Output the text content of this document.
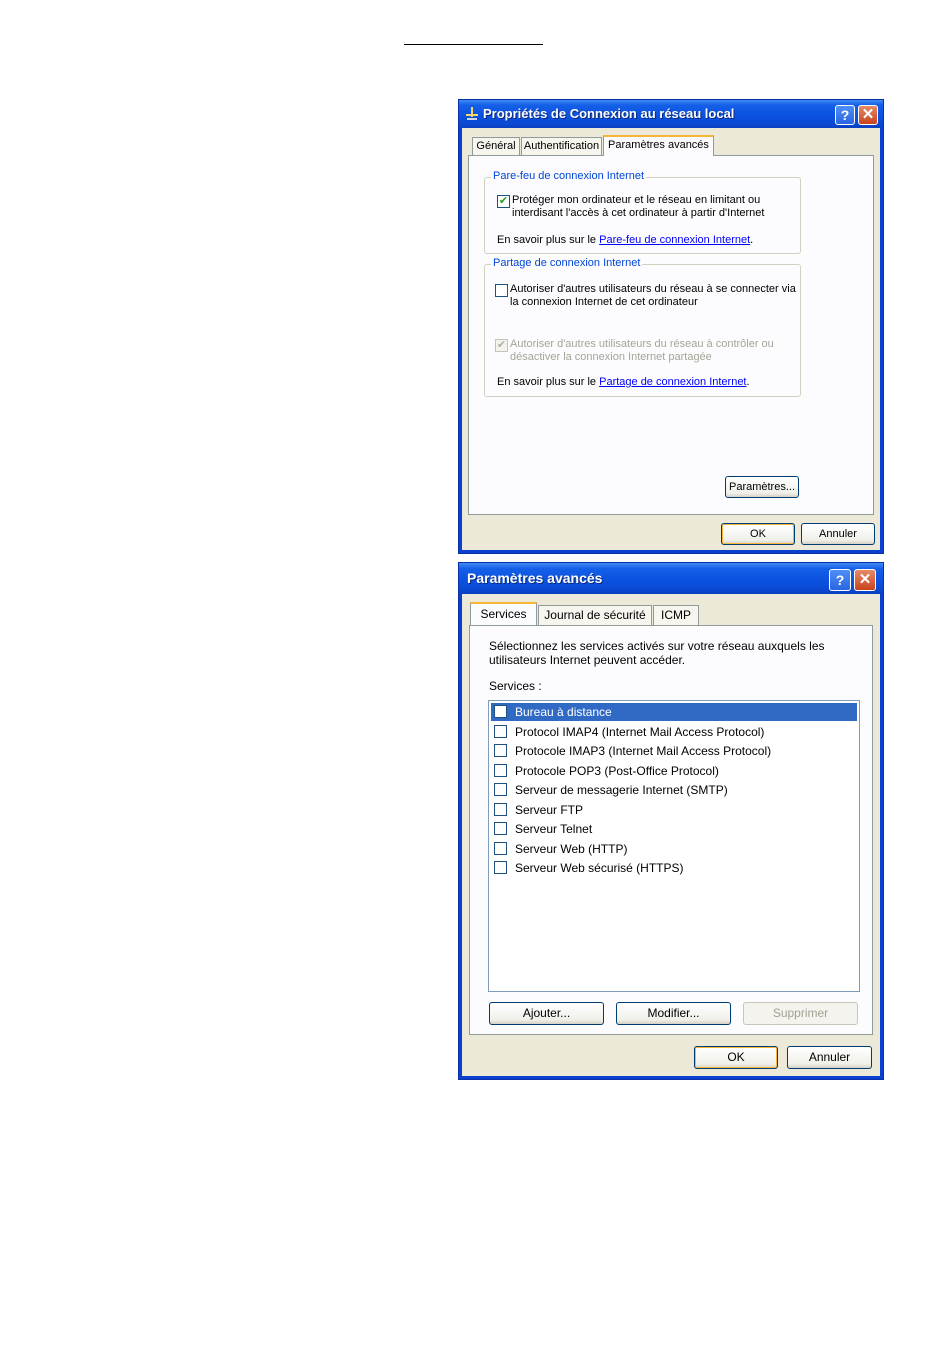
Propriétés de Connexion au réseau local	? ✕
Général Authentification Paramètres avancés
Pare-feu de connexion Internet
✔ Protéger mon ordinateur et le réseau en limitant ou
interdisant l'accès à cet ordinateur à partir d'Internet
En savoir plus sur le Pare-feu de connexion Internet.
Partage de connexion Internet
Autoriser d'autres utilisateurs du réseau à se connecter via
la connexion Internet de cet ordinateur
✔ Autoriser d'autres utilisateurs du réseau à contrôler ou
désactiver la connexion Internet partagée
En savoir plus sur le Partage de connexion Internet.
Paramètres...
OK	Annuler
Paramètres avancés	? ✕
Services	Journal de sécurité	ICMP
Sélectionnez les services activés sur votre réseau auxquels les
utilisateurs Internet peuvent accéder.
Services :
Bureau à distance
Protocol IMAP4 (Internet Mail Access Protocol)
Protocole IMAP3 (Internet Mail Access Protocol)
Protocole POP3 (Post-Office Protocol)
Serveur de messagerie Internet (SMTP)
Serveur FTP
Serveur Telnet
Serveur Web (HTTP)
Serveur Web sécurisé (HTTPS)
Ajouter...	Modifier...	Supprimer
OK	Annuler
